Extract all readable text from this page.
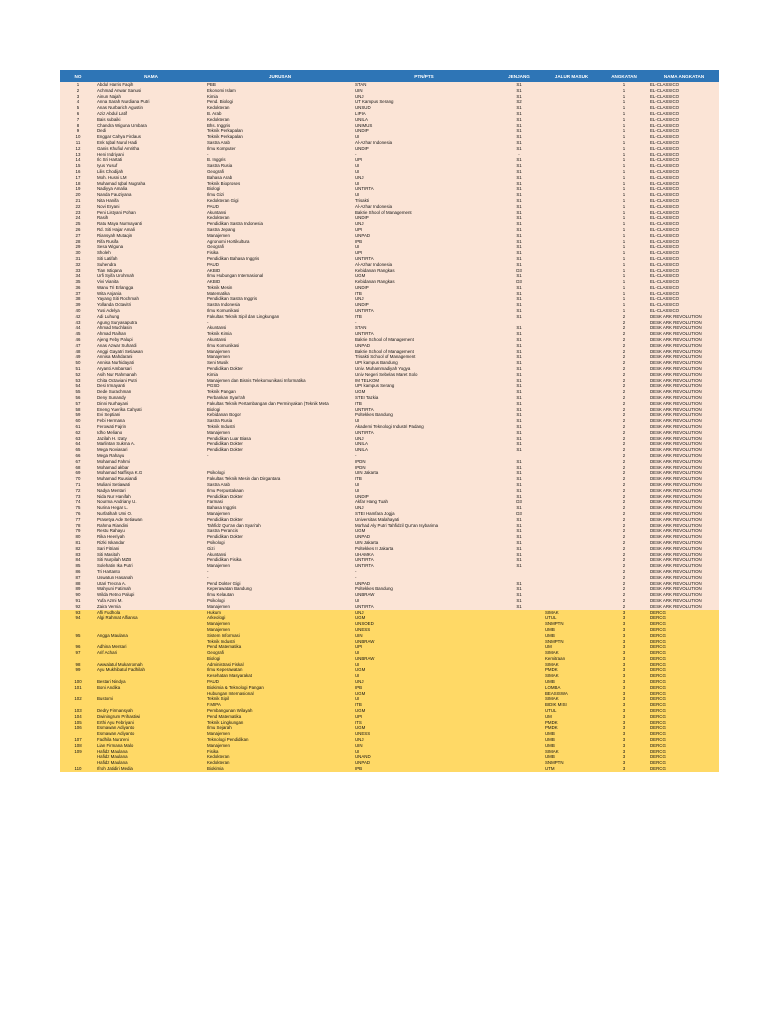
NO	NAMA	JURUSAN	PTN/PTS	JENJANG	JALUR MASUK	ANGKATAN	NAMA ANGKATAN
1	Abdul Harris Faqih	PBB	STAN	S1		1	EL-CLASSICO
2	Achmad Anwar Sanusi	Ekonomi Islam	UIN	S1		1	EL-CLASSICO
3	Ainun Najah	Kimia	UNJ	S1		1	EL-CLASSICO
4	Anna Sarah Nurdiana Putri	Pend. Biologi	UT Kampus Serang	S2		1	EL-CLASSICO
5	Anas Nurbarich Agustin	Kedokteran	UNSUD	S1		1	EL-CLASSICO
6	Aziz Abdul Latif	B. Arab	LIPIA	S1		1	EL-CLASSICO
7	Bais subaiki	Kedokteran	UNILA	S1		1	EL-CLASSICO
8	Chandra Wiguna Umbara	Bhs. Inggris	UNIMUS	S1		1	EL-CLASSICO
9	Dedi	Teknik Perkapalan	UNDIP	S1		1	EL-CLASSICO
10	Enggar Cahya Firdaus	Teknik Perkapalan	UI	S1		1	EL-CLASSICO
11	Enk Iqbal Nurul Hadi	Sastra Arab	Al-Azhar Indonesia	S1		1	EL-CLASSICO
12	Ganis Khufiul Amritha	Ilmu Komputer	UNDIP	S1		1	EL-CLASSICO
13	Heni Indriyani	-	-	-		1	EL-CLASSICO
14	Ilc Sri Hartati	B. Inggris	UPI	S1		1	EL-CLASSICO
15	Iyus Yusuf	Sastra Rusia	UI	S1		1	EL-CLASSICO
16	Lilis Chodijah	Geografi	UI	S1		1	EL-CLASSICO
17	Moh. Husni LM	Bahasa Arab	UNJ	S1		1	EL-CLASSICO
18	Muhamad Iqbal Nugraha	Teknik Bioproses	UI	S1		1	EL-CLASSICO
19	Nadiyya Amalia	Biologi	UNTIRTA	S1		1	EL-CLASSICO
20	Nanda Fauziyana	Ilmu Gizi	UI	S1		1	EL-CLASSICO
21	Nita Hanifa	Kedokteran Gigi	Trisakti	S1		1	EL-CLASSICO
22	Novi Eryani	PAUD	Al-Azhar Indonesia	S1		1	EL-CLASSICO
23	Peni Listyani Pohan	Akuntansi	Bakrie Shool of Management	S1		1	EL-CLASSICO
24	Rasih	Kedokteran	UNDIP	S1		1	EL-CLASSICO
25	Ratu Maya Nurmayanti	Pendidikan Sastra Indonesia	UNJ	S1		1	EL-CLASSICO
26	Rd. Siti Hajar Amali	Sastra Jepang	UPI	S1		1	EL-CLASSICO
27	Riansyah Mutaqin	Manajemen	UNPAD	S1		1	EL-CLASSICO
28	Rifa Rusifa	Agronomi Hortikultura	IPB	S1		1	EL-CLASSICO
29	Sesa Wiguna	Geografi	UI	S1		1	EL-CLASSICO
30	Sholeh	Fisika	UPI	S1		1	EL-CLASSICO
31	Siti Latifah	Pendidikan Bahasa Inggris	UNTIRTA	S1		1	EL-CLASSICO
32	Suhendra	PAUD	Al-Azhar Indonesia	S1		1	EL-CLASSICO
33	Tian Istiqana	AKBID	Kebidanan Rangkas	D3		1	EL-CLASSICO
34	Urfi Syifa Urohmah	Ilmu Hubungan Internasional	UGM	S1		1	EL-CLASSICO
35	Vivi Vianita	AKBID	Kebidanan Rangkas	D3		1	EL-CLASSICO
36	Wanu Tri Erlangga	Teknik Mesin	UNDIP	S1		1	EL-CLASSICO
37	Wita Anjania	Matematika	ITB	S1		1	EL-CLASSICO
38	Yayang Siti Rochmah	Pendidikan Sastra Inggris	UNJ	S1		1	EL-CLASSICO
39	Yollanda Octavitri	Sastra Indonesia	UNDIP	S1		1	EL-CLASSICO
40	Yusi Adelya	Ilmu Komunikasi	UNTIRTA	S1		1	EL-CLASSICO
42	Adi Luhung	Fakultas Teknik Sipil dan Lingkungan	ITB	S1		2	DESK ARK REVOLUTION
43	Agung Suryasaputra	-	-			2	DESK ARK REVOLUTION
44	Ahmad Muchlasin	Akuntansi	STAN	S1		2	DESK ARK REVOLUTION
45	Ahmad Raihan	Teknik Kimia	UNTIRTA	S1		2	DESK ARK REVOLUTION
46	Ajeng Feby Palupi	Akuntansi	Bakrie School of Management	S1		2	DESK ARK REVOLUTION
47	Anas Azwar Suhardi	Ilmu Komunikasi	UNPAD	S1		2	DESK ARK REVOLUTION
48	Anggi Gayatri Setiawan	Manajemen	Bakrie School of Management	S1		2	DESK ARK REVOLUTION
49	Annisa Mahdarani	Manajemen	Trisakti School of Management	S1		2	DESK ARK REVOLUTION
50	Annisa Nurhidayati	Seni Musik	UPI kampus Bandung	S1		2	DESK ARK REVOLUTION
51	Aryanti Ambarsari	Pendidikan Dokter	Univ. Muhammadiyah Yogya	S1		2	DESK ARK REVOLUTION
52	Asih Nur Rahmanah	Kimia	Univ Negeri Sebelas Maret Solo	S1		2	DESK ARK REVOLUTION
53	Chita Octaviani Putri	Manajemen dan Bisnis Telekomunikasi Informatika	IM TELKOM	S1		2	DESK ARK REVOLUTION
54	Desi Irmayanti	PGSD	UPI kampus Serang	S1		2	DESK ARK REVOLUTION
55	Dede Surachman	Teknik Pangan	UGM	S1		2	DESK ARK REVOLUTION
56	Deny Sunandy	Perbankan Syari'ah	STEI Tazkia	S1		2	DESK ARK REVOLUTION
57	Dinni Nurhayani	Fakultas Teknik Pertambangan dan Perminyakan (Teknik Meta	ITB	S1		2	DESK ARK REVOLUTION
58	Eneng Yuerika Cahyati	Biologi	UNTIRTA	S1		2	DESK ARK REVOLUTION
59	Evi Septiani	Kebidanan Bogor	Poltekkes Bandung	S1		2	DESK ARK REVOLUTION
60	Febi Hermana	Sastra Rusia	UI	S1		2	DESK ARK REVOLUTION
61	Ferowati Fajrin	Teknik Industri	Akademi Teknologi Industri Padang	S1		2	DESK ARK REVOLUTION
62	Idho Meliano	Manajemen	UNTIRTA	S1		2	DESK ARK REVOLUTION
63	Jazilah H. Izaty	Pendidikan Luar Biasa	UNJ	S1		2	DESK ARK REVOLUTION
64	Marlintan Sukma A.	Pendidikan Dokter	UNILA	S1		2	DESK ARK REVOLUTION
65	Mega Noviasari	Pendidikan Dokter	UNILA	S1		2	DESK ARK REVOLUTION
66	Mega Rahayu	-	-			2	DESK ARK REVOLUTION
67	Mohamad Fahmi		IPDN	S1		2	DESK ARK REVOLUTION
68	Mohamad akbar		IPDN	S1		2	DESK ARK REVOLUTION
69	Mohamad Naffisya K.G	Psikologi	UIN Jakarta	S1		2	DESK ARK REVOLUTION
70	Muhamad Ruusiandi	Fakultas Teknik Mesin dan Dirgantara	ITB	S1		2	DESK ARK REVOLUTION
71	Muliani Setiawati	Sastra Arab	UI	S1		2	DESK ARK REVOLUTION
72	Nadya Mentari	Ilmu Perpustakaan	UI	S1		2	DESK ARK REVOLUTION
73	Nida Nur Hanifah	Pendidikan Dokter	UNDIP	S1		2	DESK ARK REVOLUTION
74	Nourma Andriany U.	Farmasi	Akfar Hang Tuah	D3		2	DESK ARK REVOLUTION
75	Nurina Hegar L.	Bahasa Inggris	UNJ	S1		2	DESK ARK REVOLUTION
76	Nurfatihah Umi O.	Manajemen	STEI Hamfara Jogja	D3		2	DESK ARK REVOLUTION
77	Prasetya Ade Setiawan	Pendidikan Dokter	Universitas Malahayati	S1		2	DESK ARK REVOLUTION
78	Rahma Riandini	Tahfidz Qur'an dan Syari'ah	Ma'had Aly Putri Tahfidzil Qur'an Isybarima	S1		2	DESK ARK REVOLUTION
79	Restu Rahayu	Sastra Perancis	UGM	S1		2	DESK ARK REVOLUTION
80	Rika Heeriyah	Pendidikan Dokter	UNPAD	S1		2	DESK ARK REVOLUTION
81	Rizki Iskandar	Psikologi	UIN Jakarta	S1		2	DESK ARK REVOLUTION
82	Sari Fitriani	Gizi	Poltekkes II Jakarta	S1		2	DESK ARK REVOLUTION
83	Siti Masitoh	Akuntansi	UHAMKA	S1		2	DESK ARK REVOLUTION
84	Siti Nurpilah MZB	Pendidikan Fisika	UNTIRTA	S1		2	DESK ARK REVOLUTION
85	Solehatin Ika Putri	Manajemen	UNTIRTA	S1		2	DESK ARK REVOLUTION
86	Tri Hartanto	-	-			2	DESK ARK REVOLUTION
87	Uswatun Hasanah	-	-			2	DESK ARK REVOLUTION
88	Utari Trecna A.	Pend Dokter Gigi	UNPAD	S1		2	DESK ARK REVOLUTION
89	Wahyuni Fatimah	Keperawatan Bandung	Poltekkes Bandung	S1		2	DESK ARK REVOLUTION
90	Wilda Retno Palupi	Ilmu Kelautan	UNBRAW	S1		2	DESK ARK REVOLUTION
91	Yufa Azmi M.	Psikologi	UI	S1		2	DESK ARK REVOLUTION
92	Zaira Vernia	Manajemen	UNTIRTA	S1		2	DESK ARK REVOLUTION
93	Afli Fudhola	Hukum	UNJ		SIMAK	3	DERCG
94	Algi Rahmat Alfiansa	Arkeologi	UGM		UTUL	3	DERCG
		Manajemen	UNSOED		SNMPTN	3	DERCG
		Manajemen	UNESS		UMB	3	DERCG
95	Angga Maulana	Sistem Informasi	UIN		UMB	3	DERCG
		Teknik Industri	UNBRAW		SNMPTN	3	DERCG
96	Adhina Mentari	Pend Matematika	UPI		UM	3	DERCG
97	Arif Achari	Geografi	UI		SIMAK	3	DERCG
		Biologi	UNBRAW		Kemitraan	3	DERCG
98	Awwalatul Mukarromah	Administrasi Fiskal	UI		SIMAK	3	DERCG
99	Ayu Mukhibatul Fadhilah	Ilmu Keperawatan	UGM		PMDK	3	DERCG
		Kesehatan Masyarakat	UI		SIMAK	3	DERCG
100	Bestari Nindya	PAUD	UNJ		UMB	3	DERCG
101	Boni Andika	Biokimia & Teknologi Pangan	IPB		LOMBA	3	DERCG
		Hubungan Internasional	UGM		BEASISWA	3	DERCG
102	Bustomi	Teknik Sipil	UI		SIMAK	3	DERCG
		F.MIPA	ITB		BIDIK MISI	3	DERCG
103	Dedry Firmansyah	Pembangunan Wilayah	UGM		UTUL	3	DERCG
104	Dwiningrum Prihastiwi	Pend Matematika	UPI		UM	3	DERCG
105	Erthi Ayu Febriyani	Teknik Lingkungan	ITS		PMDK	3	DERCG
106	Esmawan Adiyanto	Ilmu Sejarah	UGM		PMDK	3	DERCG
	Esmawan Adiyanto	Manajemen	UNESS		UMB	3	DERCG
107	Fadhila Nura'eni	Teknologi Pendidikan	UNJ		UMB	3	DERCG
108	Lian Firmana Malo	Manajemen	UIN		UMB	3	DERCG
109	Hafidz Maulana	Fisika	UI		SIMAK	3	DERCG
	Hafidz Maulana	Kedokteran	UNAND		UMB	3	DERCG
	Hafidz Maulana	Kedokteran	UNPAD		SNMPTN	3	DERCG
110	Ifroh Jatidiri Media	Biokimia	IPB		UTM	3	DERCG
